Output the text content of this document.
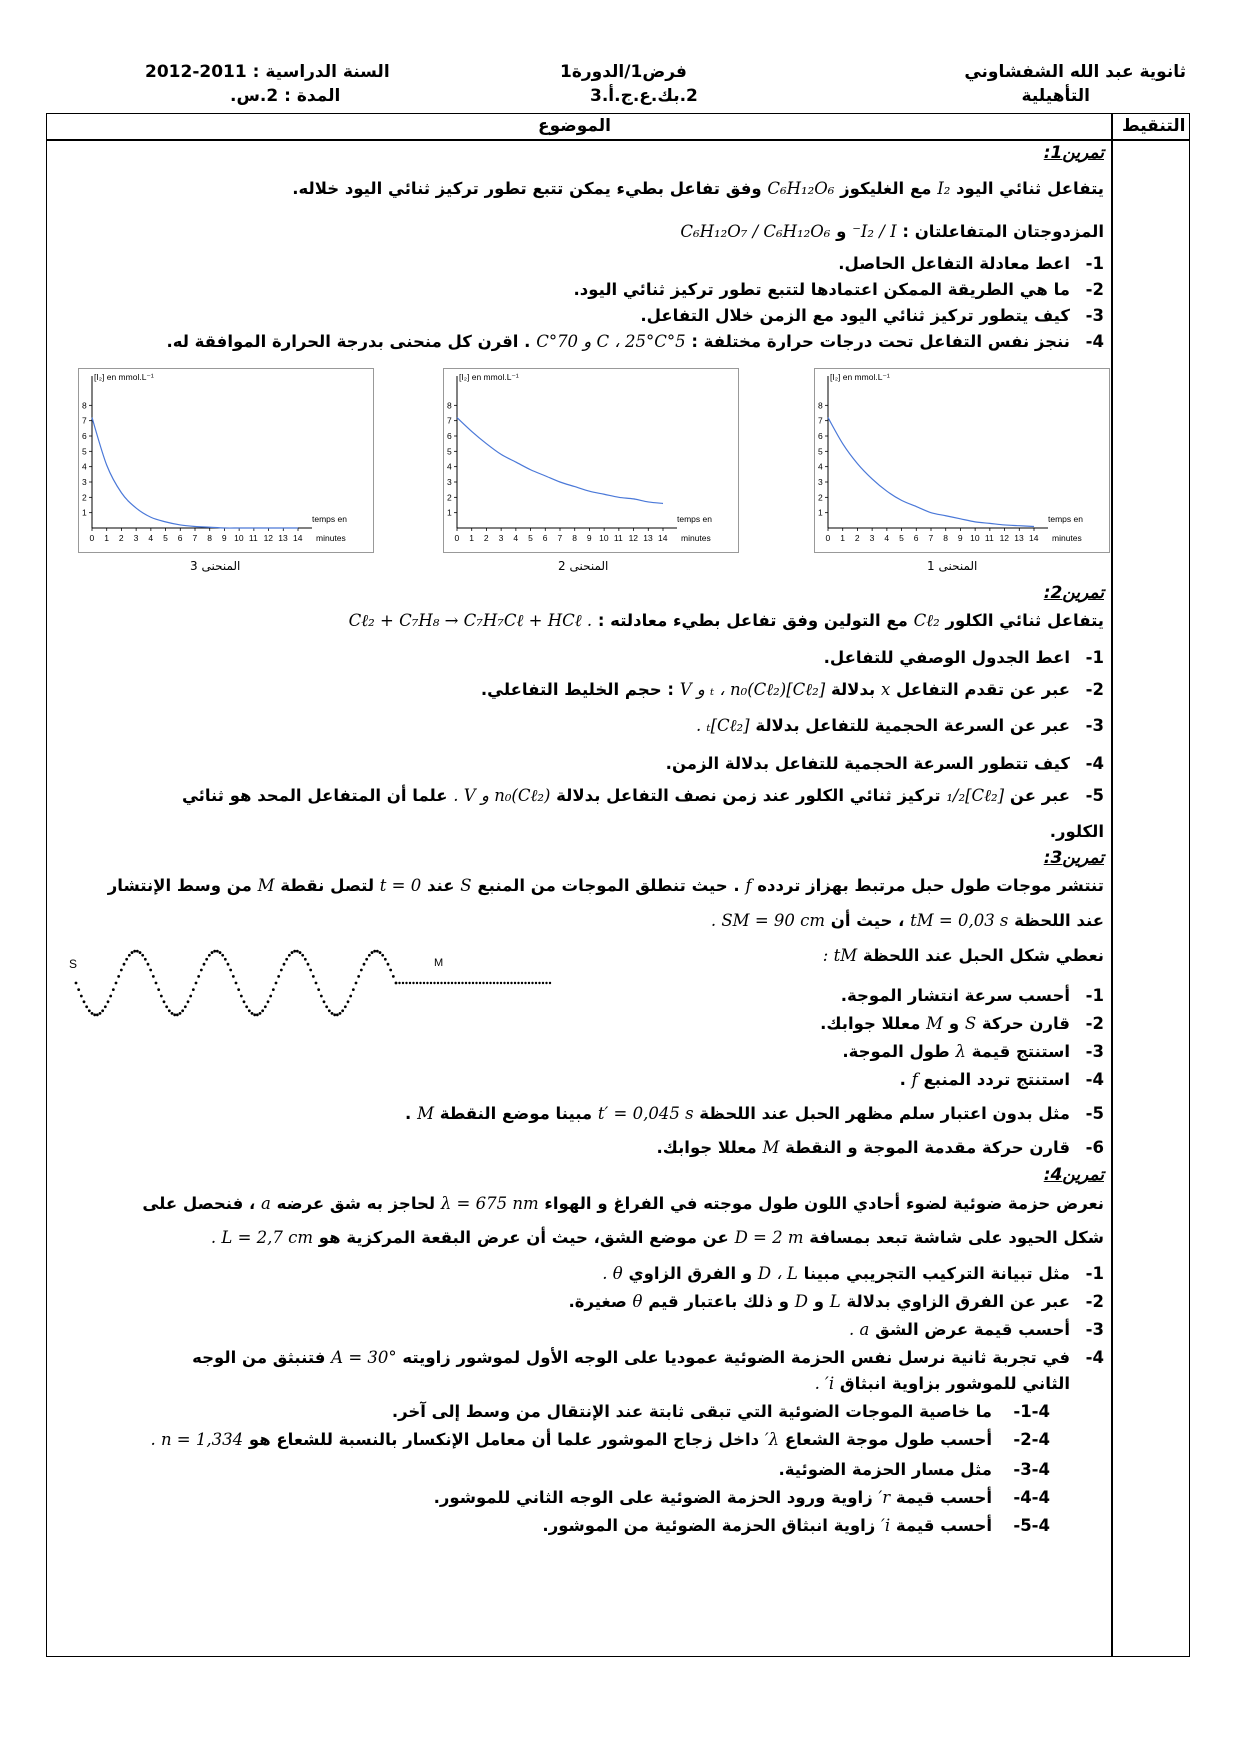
ثانوية عبد الله الشفشاوني
التأهيلية
فرض1/الدورة1
2.بك.ع.ج.أ.3
السنة الدراسية : 2011-2012
المدة : 2.س.
التنقيط
الموضوع
تمرين1:
يتفاعل ثنائي اليود I₂ مع الغليكوز C₆H₁₂O₆ وفق تفاعل بطيء يمكن تتبع تطور تركيز ثنائي اليود خلاله.
المزدوجتان المتفاعلتان : I₂ / I⁻ و C₆H₁₂O₇ / C₆H₁₂O₆
1-اعط معادلة التفاعل الحاصل.
2-ما هي الطريقة الممكن اعتمادها لتتبع تطور تركيز ثنائي اليود.
3-كيف يتطور تركيز ثنائي اليود مع الزمن خلال التفاعل.
4-ننجز نفس التفاعل تحت درجات حرارة مختلفة : 5°C ، 25°C و 70°C . اقرن كل منحنى بدرجة الحرارة الموافقة له.
[I₂] en mmol.L⁻¹
1
2
3
4
5
6
7
8
0 1 2 3 4 5 6 7 8 9 10 11 12 13 14
temps en
minutes
[I₂] en mmol.L⁻¹
1
2
3
4
5
6
7
8
0 1 2 3 4 5 6 7 8 9 10 11 12 13 14
temps en
minutes
[I₂] en mmol.L⁻¹
1
2
3
4
5
6
7
8
0 1 2 3 4 5 6 7 8 9 10 11 12 13 14
temps en
minutes
المنحنى 3	المنحنى 2	المنحنى 1
تمرين2:
يتفاعل ثنائي الكلور Cℓ₂ مع التولين وفق تفاعل بطيء معادلته : Cℓ₂ + C₇H₈ → C₇H₇Cℓ + HCℓ .
1-اعط الجدول الوصفي للتفاعل.
2-عبر عن تقدم التفاعل x بدلالة [Cℓ₂]ₜ ، n₀(Cℓ₂) و V : حجم الخليط التفاعلي.
3-عبر عن السرعة الحجمية للتفاعل بدلالة [Cℓ₂]ₜ .
4-كيف تتطور السرعة الحجمية للتفاعل بدلالة الزمن.
5-عبر عن [Cℓ₂]₁/₂ تركيز ثنائي الكلور عند زمن نصف التفاعل بدلالة n₀(Cℓ₂) و V . علما أن المتفاعل المحد هو ثنائي
الكلور.
تمرين3:
تنتشر موجات طول حبل مرتبط بهزاز تردده f . حيث تنطلق الموجات من المنبع S عند t = 0 لتصل نقطة M من وسط الإنتشار
عند اللحظة tM = 0,03 s ، حيث أن SM = 90 cm .
نعطي شكل الحبل عند اللحظة tM :
S	M
1-أحسب سرعة انتشار الموجة.
2-قارن حركة S و M معللا جوابك.
3-استنتج قيمة λ طول الموجة.
4-استنتج تردد المنبع f .
5-مثل بدون اعتبار سلم مظهر الحبل عند اللحظة t′ = 0,045 s مبينا موضع النقطة M .
6-قارن حركة مقدمة الموجة و النقطة M معللا جوابك.
تمرين4:
نعرض حزمة ضوئية لضوء أحادي اللون طول موجته في الفراغ و الهواء λ = 675 nm لحاجز به شق عرضه a ، فنحصل على
شكل الحيود على شاشة تبعد بمسافة D = 2 m عن موضع الشق، حيث أن عرض البقعة المركزية هو L = 2,7 cm .
1-مثل تبيانة التركيب التجريبي مبينا D ، L و الفرق الزاوي θ .
2-عبر عن الفرق الزاوي بدلالة L و D و ذلك باعتبار قيم θ صغيرة.
3-أحسب قيمة عرض الشق a .
4-في تجربة ثانية نرسل نفس الحزمة الضوئية عموديا على الوجه الأول لموشور زاويته A = 30° فتنبثق من الوجه
الثاني للموشور بزاوية انبثاق i′ .
1-4-ما خاصية الموجات الضوئية التي تبقى ثابتة عند الإنتقال من وسط إلى آخر.
2-4-أحسب طول موجة الشعاع λ′ داخل زجاج الموشور علما أن معامل الإنكسار بالنسبة للشعاع هو n = 1,334 .
3-4-مثل مسار الحزمة الضوئية.
4-4-أحسب قيمة r′ زاوية ورود الحزمة الضوئية على الوجه الثاني للموشور.
5-4-أحسب قيمة i′ زاوية انبثاق الحزمة الضوئية من الموشور.
